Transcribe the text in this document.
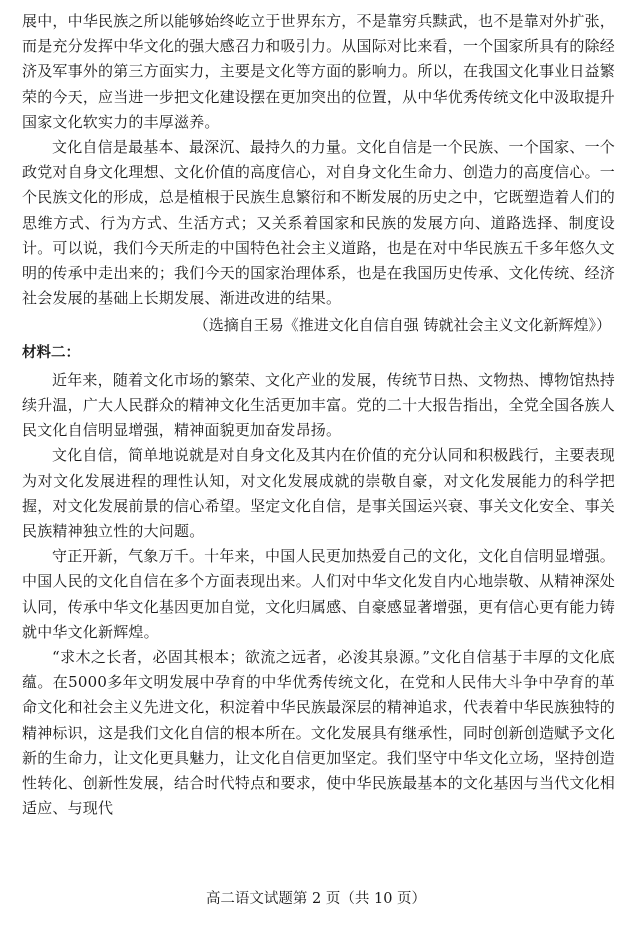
展中，中华民族之所以能够始终屹立于世界东方，不是靠穷兵黩武，也不是靠对外扩张，而是充分发挥中华文化的强大感召力和吸引力。从国际对比来看，一个国家所具有的除经济及军事外的第三方面实力，主要是文化等方面的影响力。所以，在我国文化事业日益繁荣的今天，应当进一步把文化建设摆在更加突出的位置，从中华优秀传统文化中汲取提升国家文化软实力的丰厚滋养。

文化自信是最基本、最深沉、最持久的力量。文化自信是一个民族、一个国家、一个政党对自身文化理想、文化价值的高度信心，对自身文化生命力、创造力的高度信心。一个民族文化的形成，总是植根于民族生息繁衍和不断发展的历史之中，它既塑造着人们的思维方式、行为方式、生活方式；又关系着国家和民族的发展方向、道路选择、制度设计。可以说，我们今天所走的中国特色社会主义道路，也是在对中华民族五千多年悠久文明的传承中走出来的；我们今天的国家治理体系，也是在我国历史传承、文化传统、经济社会发展的基础上长期发展、渐进改进的结果。

（选摘自王易《推进文化自信自强 铸就社会主义文化新辉煌》）

材料二：

近年来，随着文化市场的繁荣、文化产业的发展，传统节日热、文物热、博物馆热持续升温，广大人民群众的精神文化生活更加丰富。党的二十大报告指出，全党全国各族人民文化自信明显增强，精神面貌更加奋发昂扬。

文化自信，简单地说就是对自身文化及其内在价值的充分认同和积极践行，主要表现为对文化发展进程的理性认知，对文化发展成就的崇敬自豪，对文化发展能力的科学把握，对文化发展前景的信心希望。坚定文化自信，是事关国运兴衰、事关文化安全、事关民族精神独立性的大问题。

守正开新，气象万千。十年来，中国人民更加热爱自己的文化，文化自信明显增强。中国人民的文化自信在多个方面表现出来。人们对中华文化发自内心地崇敬、从精神深处认同，传承中华文化基因更加自觉，文化归属感、自豪感显著增强，更有信心更有能力铸就中华文化新辉煌。

“求木之长者，必固其根本；欲流之远者，必浚其泉源。”文化自信基于丰厚的文化底蕴。在5000多年文明发展中孕育的中华优秀传统文化，在党和人民伟大斗争中孕育的革命文化和社会主义先进文化，积淀着中华民族最深层的精神追求，代表着中华民族独特的精神标识，这是我们文化自信的根本所在。文化发展具有继承性，同时创新创造赋予文化新的生命力，让文化更具魅力，让文化自信更加坚定。我们坚守中华文化立场，坚持创造性转化、创新性发展，结合时代特点和要求，使中华民族最基本的文化基因与当代文化相适应、与现代

高二语文试题第 2 页（共 10 页）
